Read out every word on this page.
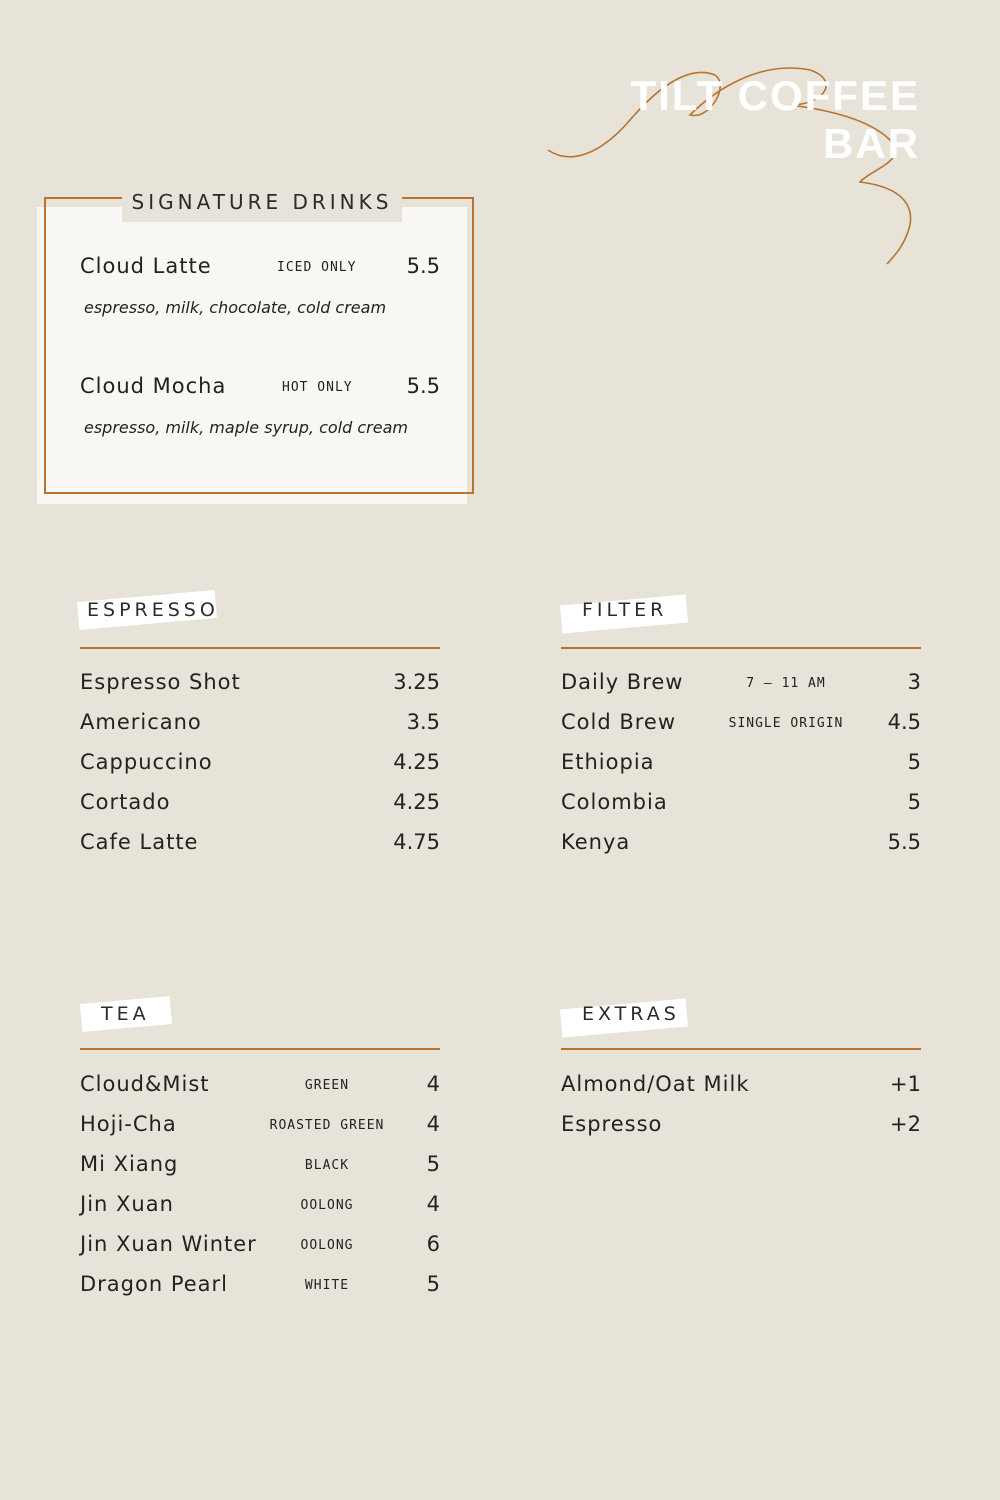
TILT COFFEE BAR
SIGNATURE DRINKS
Cloud Latte	ICED ONLY 5.5
espresso, milk, chocolate, cold cream
Cloud Mocha	HOT ONLY	5.5
espresso, milk, maple syrup, cold cream
ESPRESSO
Espresso Shot	3.25
Americano	3.5
Cappuccino	4.25
Cortado	4.25
Cafe Latte	4.75
FILTER
Daily Brew	7 – 11 AM	3
Cold Brew	SINGLE ORIGIN	4.5
Ethiopia	5
Colombia	5
Kenya	5.5
TEA
Cloud&Mist	GREEN	4
Hoji-Cha	ROASTED GREEN	4
Mi Xiang	BLACK	5
Jin Xuan	OOLONG	4
Jin Xuan Winter	OOLONG	6
Dragon Pearl	WHITE	5
EXTRAS
Almond/Oat Milk	+1
Espresso	+2
